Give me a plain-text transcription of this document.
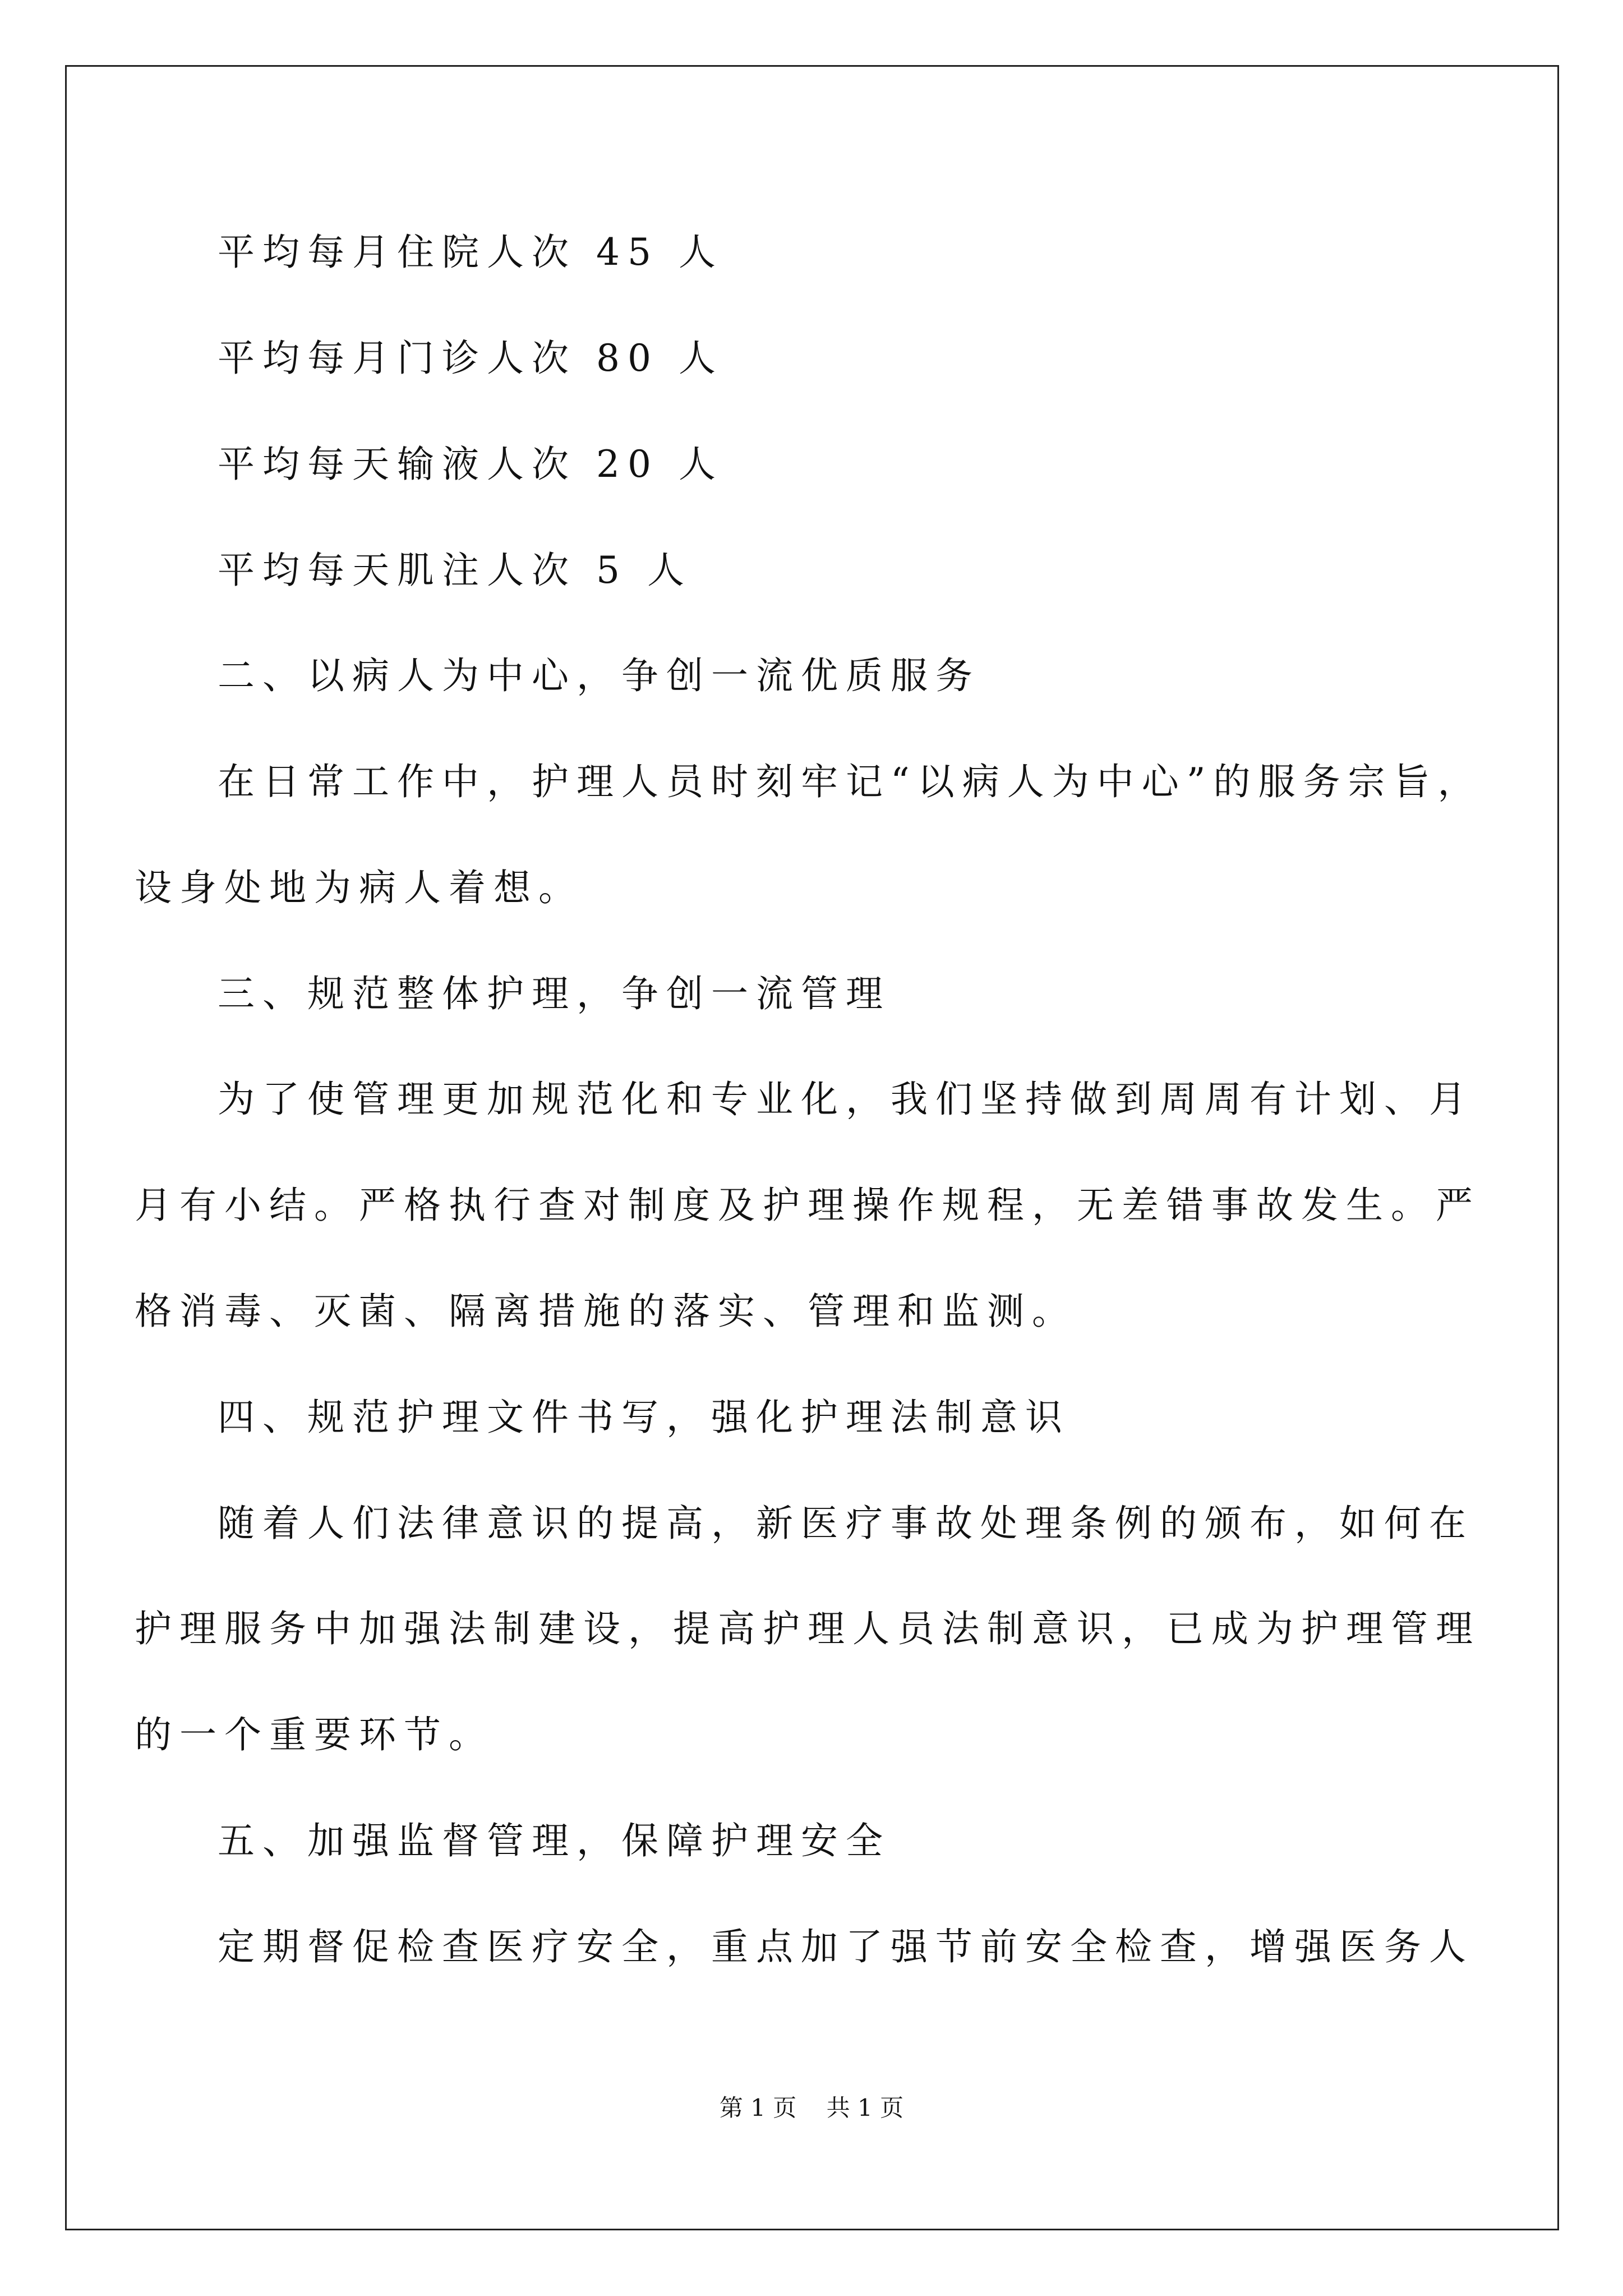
平均每月住院人次 45 人
平均每月门诊人次 80 人
平均每天输液人次 20 人
平均每天肌注人次 5 人
二、以病人为中心，争创一流优质服务
在日常工作中，护理人员时刻牢记“以病人为中心”的服务宗旨，
设身处地为病人着想。
三、规范整体护理，争创一流管理
为了使管理更加规范化和专业化，我们坚持做到周周有计划、月
月有小结。严格执行查对制度及护理操作规程，无差错事故发生。严
格消毒、灭菌、隔离措施的落实、管理和监测。
四、规范护理文件书写，强化护理法制意识
随着人们法律意识的提高，新医疗事故处理条例的颁布，如何在
护理服务中加强法制建设，提高护理人员法制意识，已成为护理管理
的一个重要环节。
五、加强监督管理，保障护理安全
定期督促检查医疗安全，重点加了强节前安全检查，增强医务人
第 1 页 共 1 页
